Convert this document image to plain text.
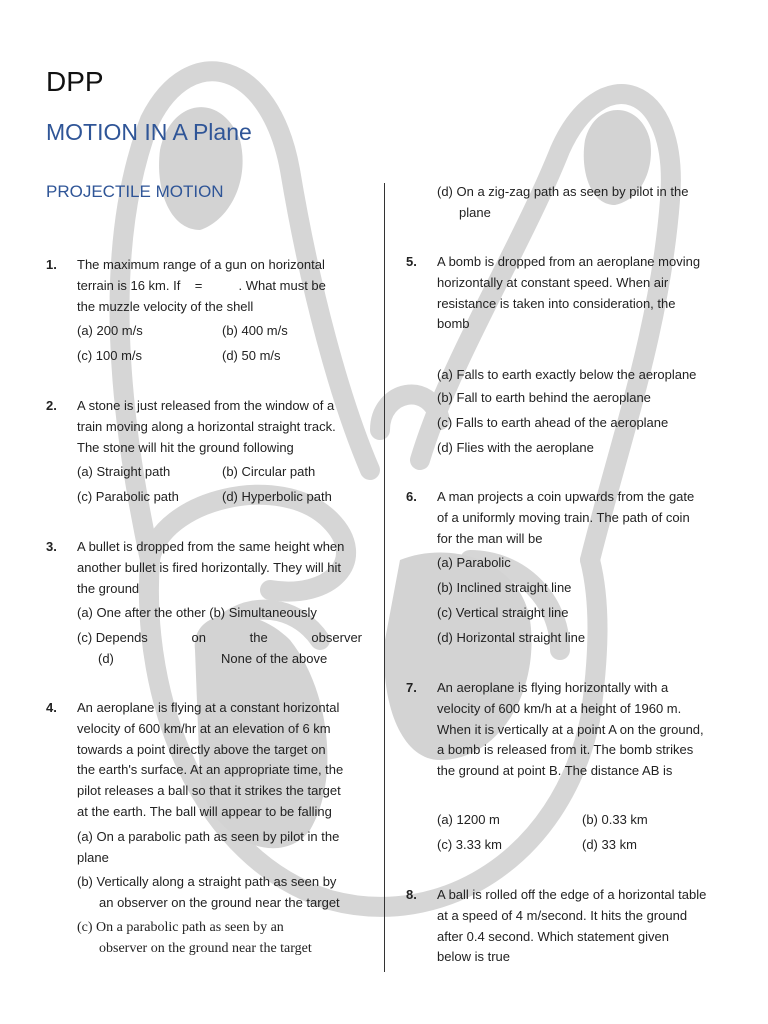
DPP
MOTION IN A Plane
PROJECTILE MOTION
1. The maximum range of a gun on horizontal
terrain is 16 km. If    =          . What must be
the muzzle velocity of the shell
(a) 200 m/s	(b) 400 m/s
(c) 100 m/s	(d) 50 m/s
2. A stone is just released from the window of a
train moving along a horizontal straight track.
The stone will hit the ground following
(a) Straight path	(b) Circular path
(c) Parabolic path	(d) Hyperbolic path
3. A bullet is dropped from the same height when
another bullet is fired horizontally. They will hit
the ground
(a) One after the other (b) Simultaneously
(c) Depends	on	the	observer
(d)	None of the above
4. An aeroplane is flying at a constant horizontal
velocity of 600 km/hr at an elevation of 6 km
towards a point directly above the target on
the earth's surface. At an appropriate time, the
pilot releases a ball so that it strikes the target
at the earth. The ball will appear to be falling
(a) On a parabolic path as seen by pilot in the
plane
(b) Vertically along a straight path as seen by
an observer on the ground near the target
(c) On a parabolic path as seen by an
observer on the ground near the target
(d) On a zig-zag path as seen by pilot in the
plane
5. A bomb is dropped from an aeroplane moving
horizontally at constant speed. When air
resistance is taken into consideration, the
bomb
(a) Falls to earth exactly below the aeroplane
(b) Fall to earth behind the aeroplane
(c) Falls to earth ahead of the aeroplane
(d) Flies with the aeroplane
6. A man projects a coin upwards from the gate
of a uniformly moving train. The path of coin
for the man will be
(a) Parabolic
(b) Inclined straight line
(c) Vertical straight line
(d) Horizontal straight line
7. An aeroplane is flying horizontally with a
velocity of 600 km/h at a height of 1960 m.
When it is vertically at a point A on the ground,
a bomb is released from it. The bomb strikes
the ground at point B. The distance AB is
(a) 1200 m	(b) 0.33 km
(c) 3.33 km	(d) 33 km
8. A ball is rolled off the edge of a horizontal table
at a speed of 4 m/second. It hits the ground
after 0.4 second. Which statement given
below is true
